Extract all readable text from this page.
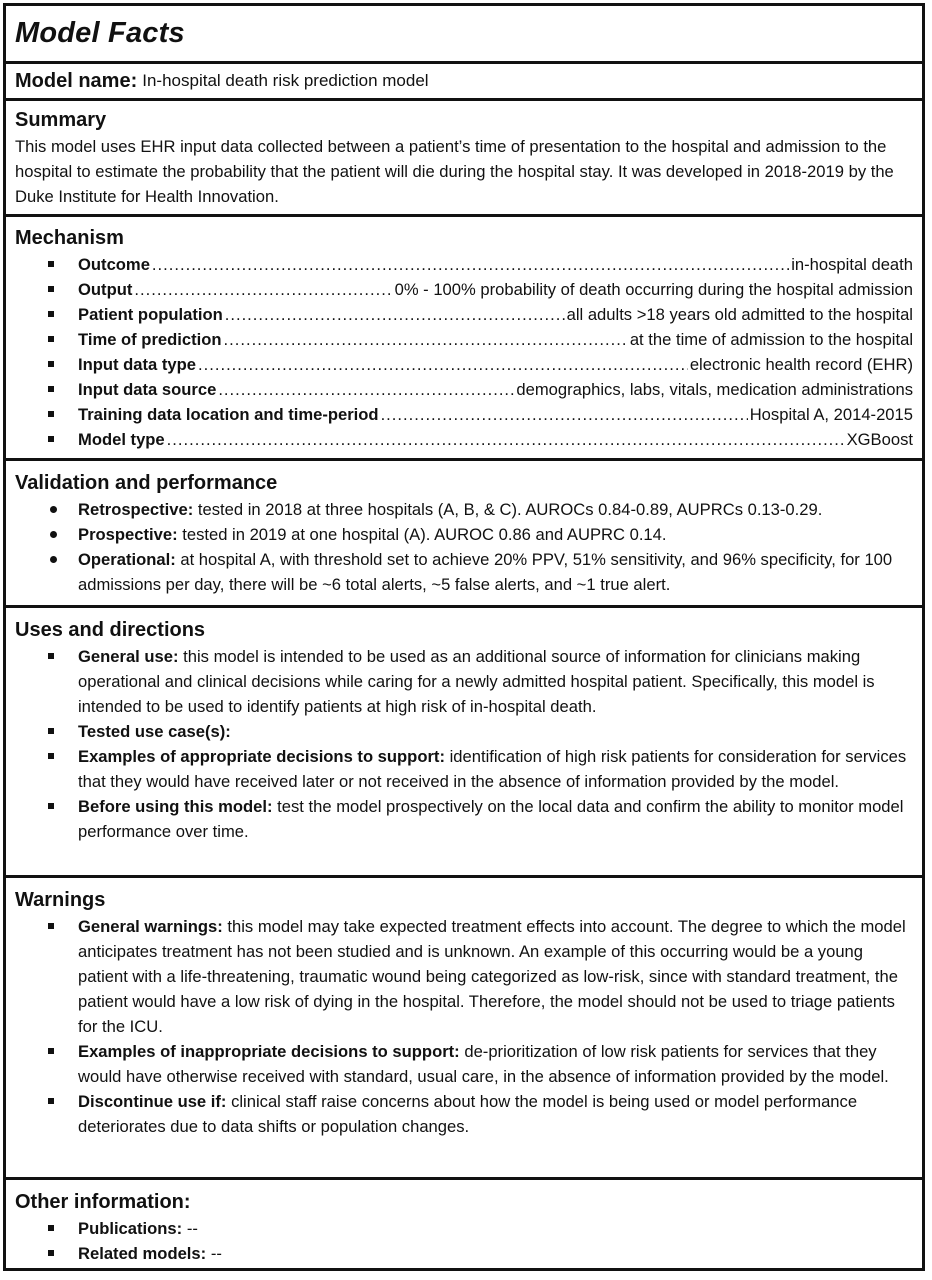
Model Facts
Model name: In-hospital death risk prediction model
Summary

This model uses EHR input data collected between a patient’s time of presentation to the hospital and admission to the hospital to estimate the probability that the patient will die during the hospital stay. It was developed in 2018-2019 by the Duke Institute for Health Innovation.

Mechanism
Outcome .....	in-hospital death
Output .....	0% - 100% probability of death occurring during the hospital admission
Patient population .....	all adults >18 years old admitted to the hospital
Time of prediction .....	at the time of admission to the hospital
Input data type .....	electronic health record (EHR)
Input data source .....	demographics, labs, vitals, medication administrations
Training data location and time-period .....	Hospital A, 2014-2015
Model type .....	XGBoost
Validation and performance
Retrospective: tested in 2018 at three hospitals (A, B, & C). AUROCs 0.84-0.89, AUPRCs 0.13-0.29.
Prospective: tested in 2019 at one hospital (A). AUROC 0.86 and AUPRC 0.14.
Operational: at hospital A, with threshold set to achieve 20% PPV, 51% sensitivity, and 96% specificity, for 100 admissions per day, there will be ~6 total alerts, ~5 false alerts, and ~1 true alert.
Uses and directions
General use: this model is intended to be used as an additional source of information for clinicians making operational and clinical decisions while caring for a newly admitted hospital patient. Specifically, this model is intended to be used to identify patients at high risk of in-hospital death.
Tested use case(s):
Examples of appropriate decisions to support: identification of high risk patients for consideration for services that they would have received later or not received in the absence of information provided by the model.
Before using this model: test the model prospectively on the local data and confirm the ability to monitor model performance over time.
Warnings
General warnings: this model may take expected treatment effects into account. The degree to which the model anticipates treatment has not been studied and is unknown. An example of this occurring would be a young patient with a life-threatening, traumatic wound being categorized as low-risk, since with standard treatment, the patient would have a low risk of dying in the hospital. Therefore, the model should not be used to triage patients for the ICU.
Examples of inappropriate decisions to support: de-prioritization of low risk patients for services that they would have otherwise received with standard, usual care, in the absence of information provided by the model.
Discontinue use if: clinical staff raise concerns about how the model is being used or model performance deteriorates due to data shifts or population changes.
Other information:
Publications: --
Related models: --
